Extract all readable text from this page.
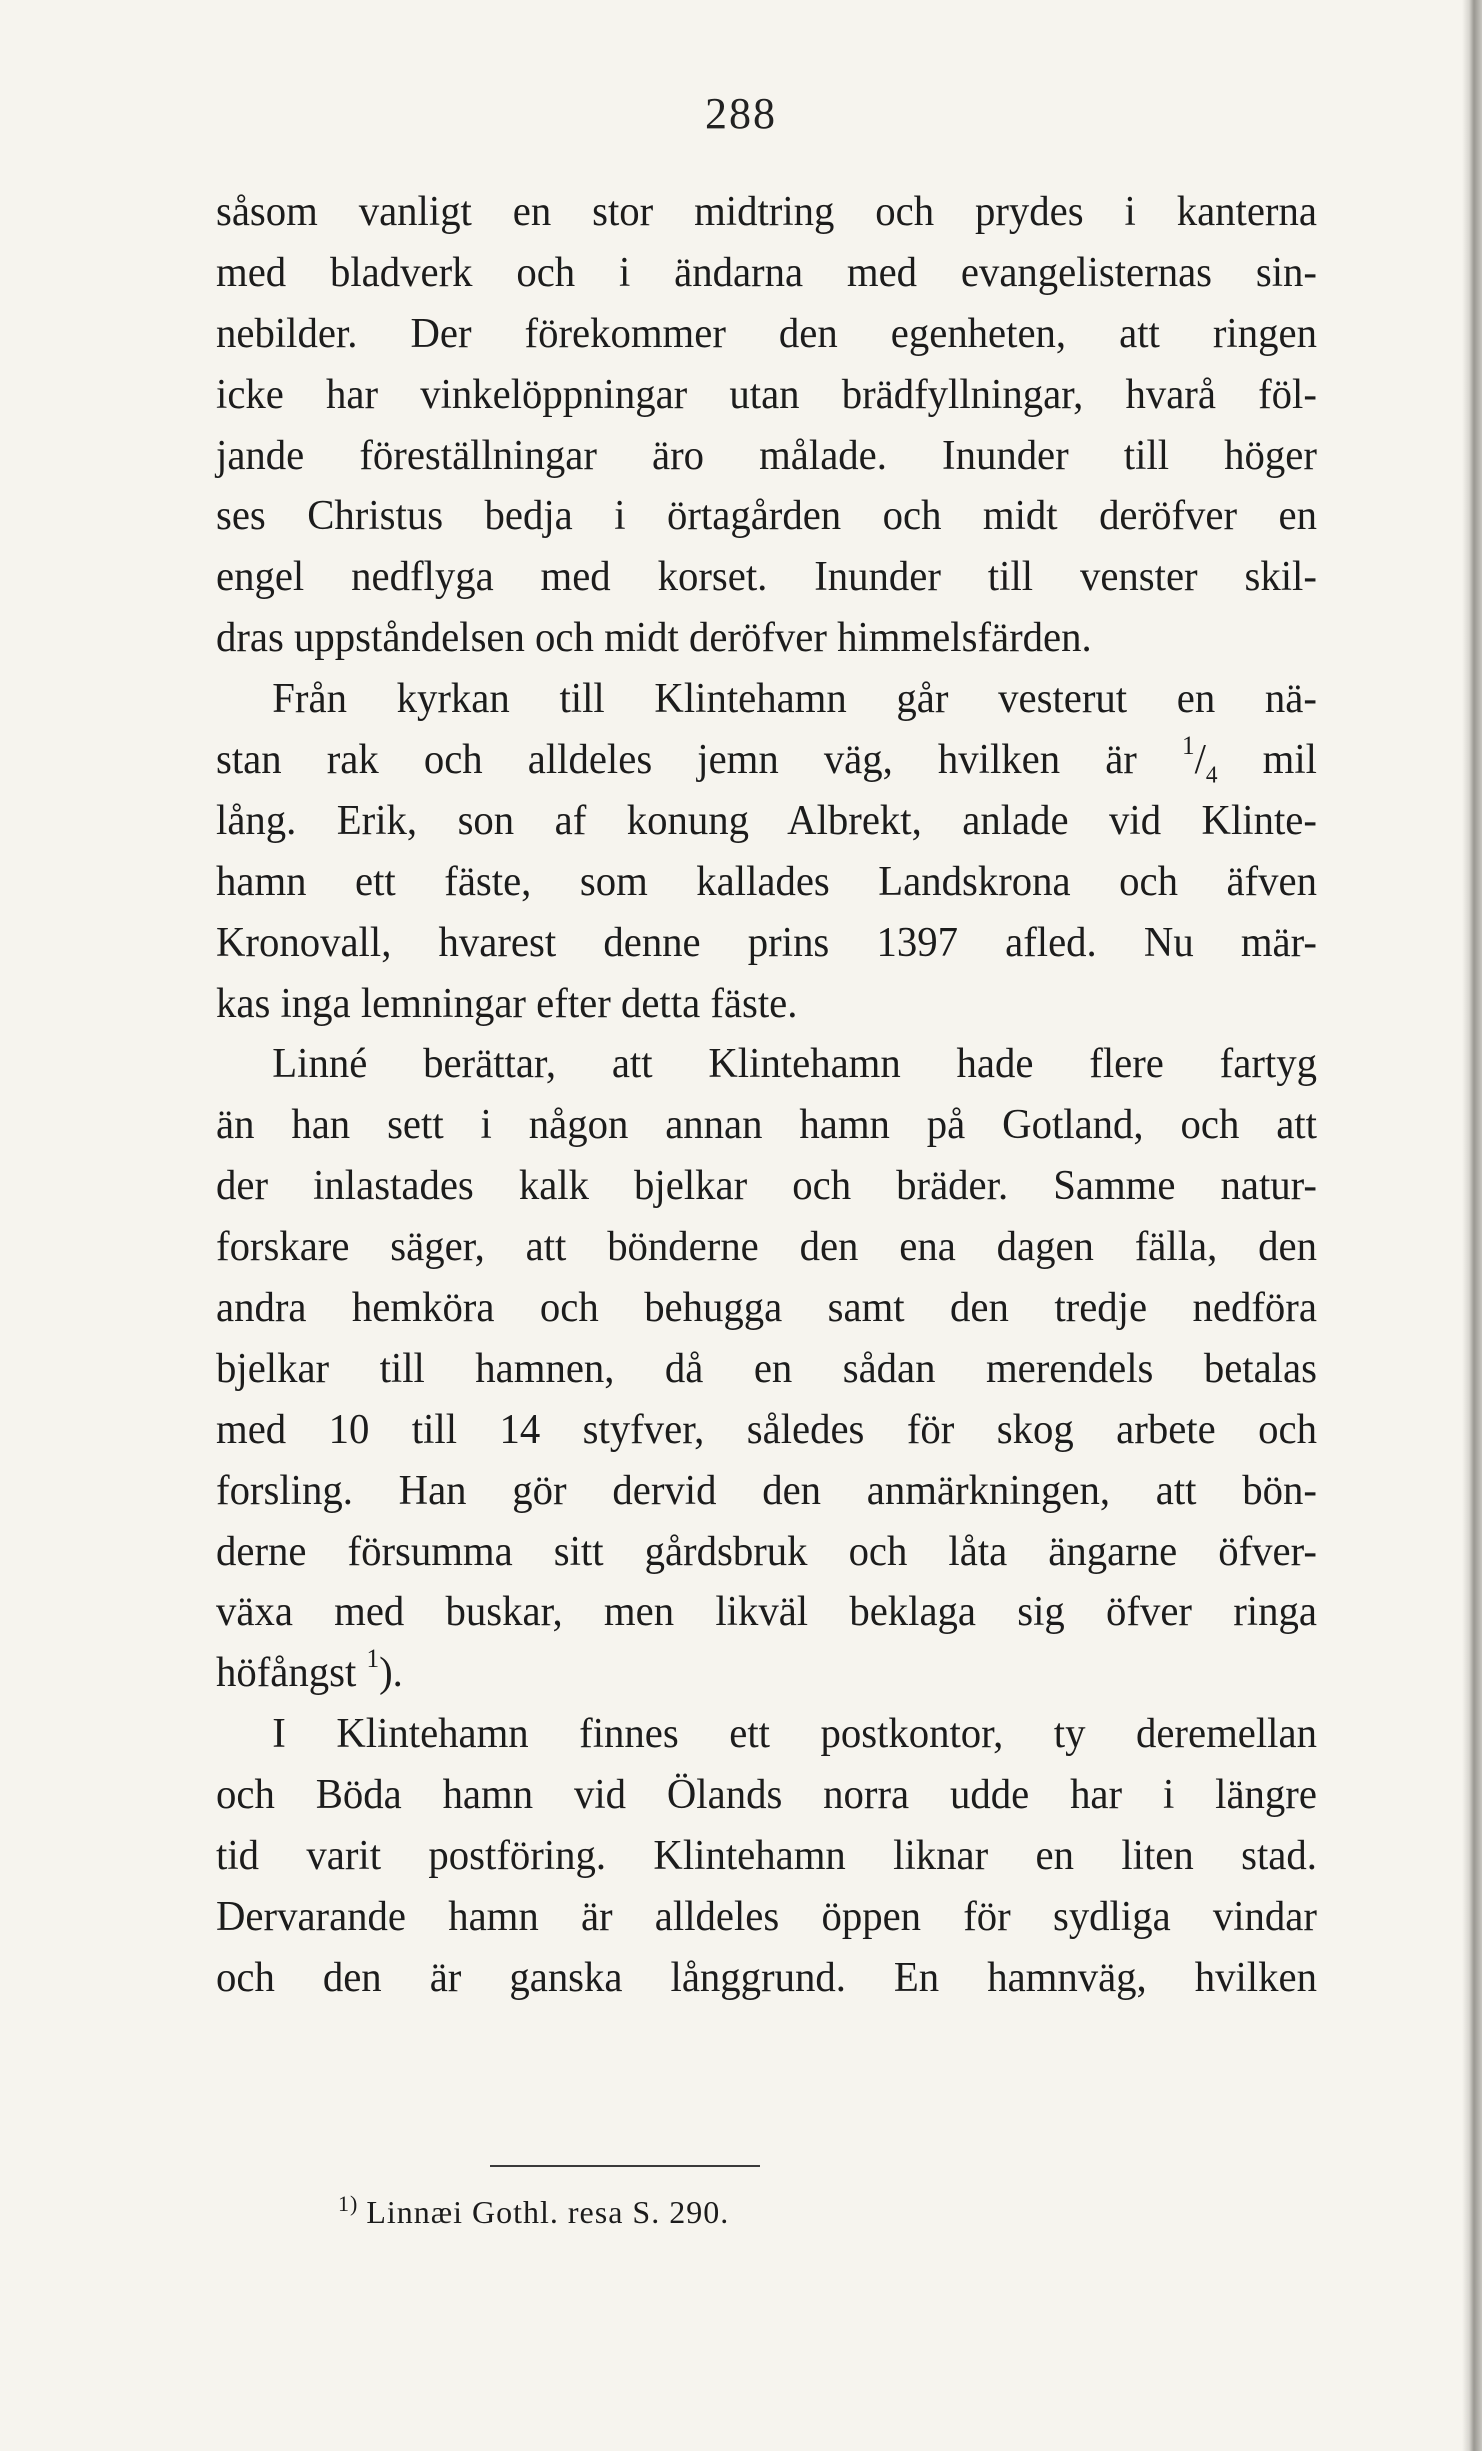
288
såsom vanligt en stor midtring och prydes i kanterna
med bladverk och i ändarna med evangelisternas sin-
nebilder. Der förekommer den egenheten, att ringen
icke har vinkelöppningar utan brädfyllningar, hvarå föl-
jande föreställningar äro målade. Inunder till höger
ses Christus bedja i örtagården och midt deröfver en
engel nedflyga med korset. Inunder till venster skil-
dras uppståndelsen och midt deröfver himmelsfärden.
Från kyrkan till Klintehamn går vesterut en nä-
stan rak och alldeles jemn väg, hvilken är $^1/_4$ mil
lång. Erik, son af konung Albrekt, anlade vid Klinte-
hamn ett fäste, som kallades Landskrona och äfven
Kronovall, hvarest denne prins 1397 afled. Nu mär-
kas inga lemningar efter detta fäste.
Linné berättar, att Klintehamn hade flere fartyg
än han sett i någon annan hamn på Gotland, och att
der inlastades kalk bjelkar och bräder. Samme natur-
forskare säger, att bönderne den ena dagen fälla, den
andra hemköra och behugga samt den tredje nedföra
bjelkar till hamnen, då en sådan merendels betalas
med 10 till 14 styfver, således för skog arbete och
forsling. Han gör dervid den anmärkningen, att bön-
derne försumma sitt gårdsbruk och låta ängarne öfver-
växa med buskar, men likväl beklaga sig öfver ringa
höfångst $^1$).
I Klintehamn finnes ett postkontor, ty deremellan
och Böda hamn vid Ölands norra udde har i längre
tid varit postföring. Klintehamn liknar en liten stad.
Dervarande hamn är alldeles öppen för sydliga vindar
och den är ganska långgrund. En hamnväg, hvilken
$^{1)}$ Linnæi Gothl. resa S. 290.
